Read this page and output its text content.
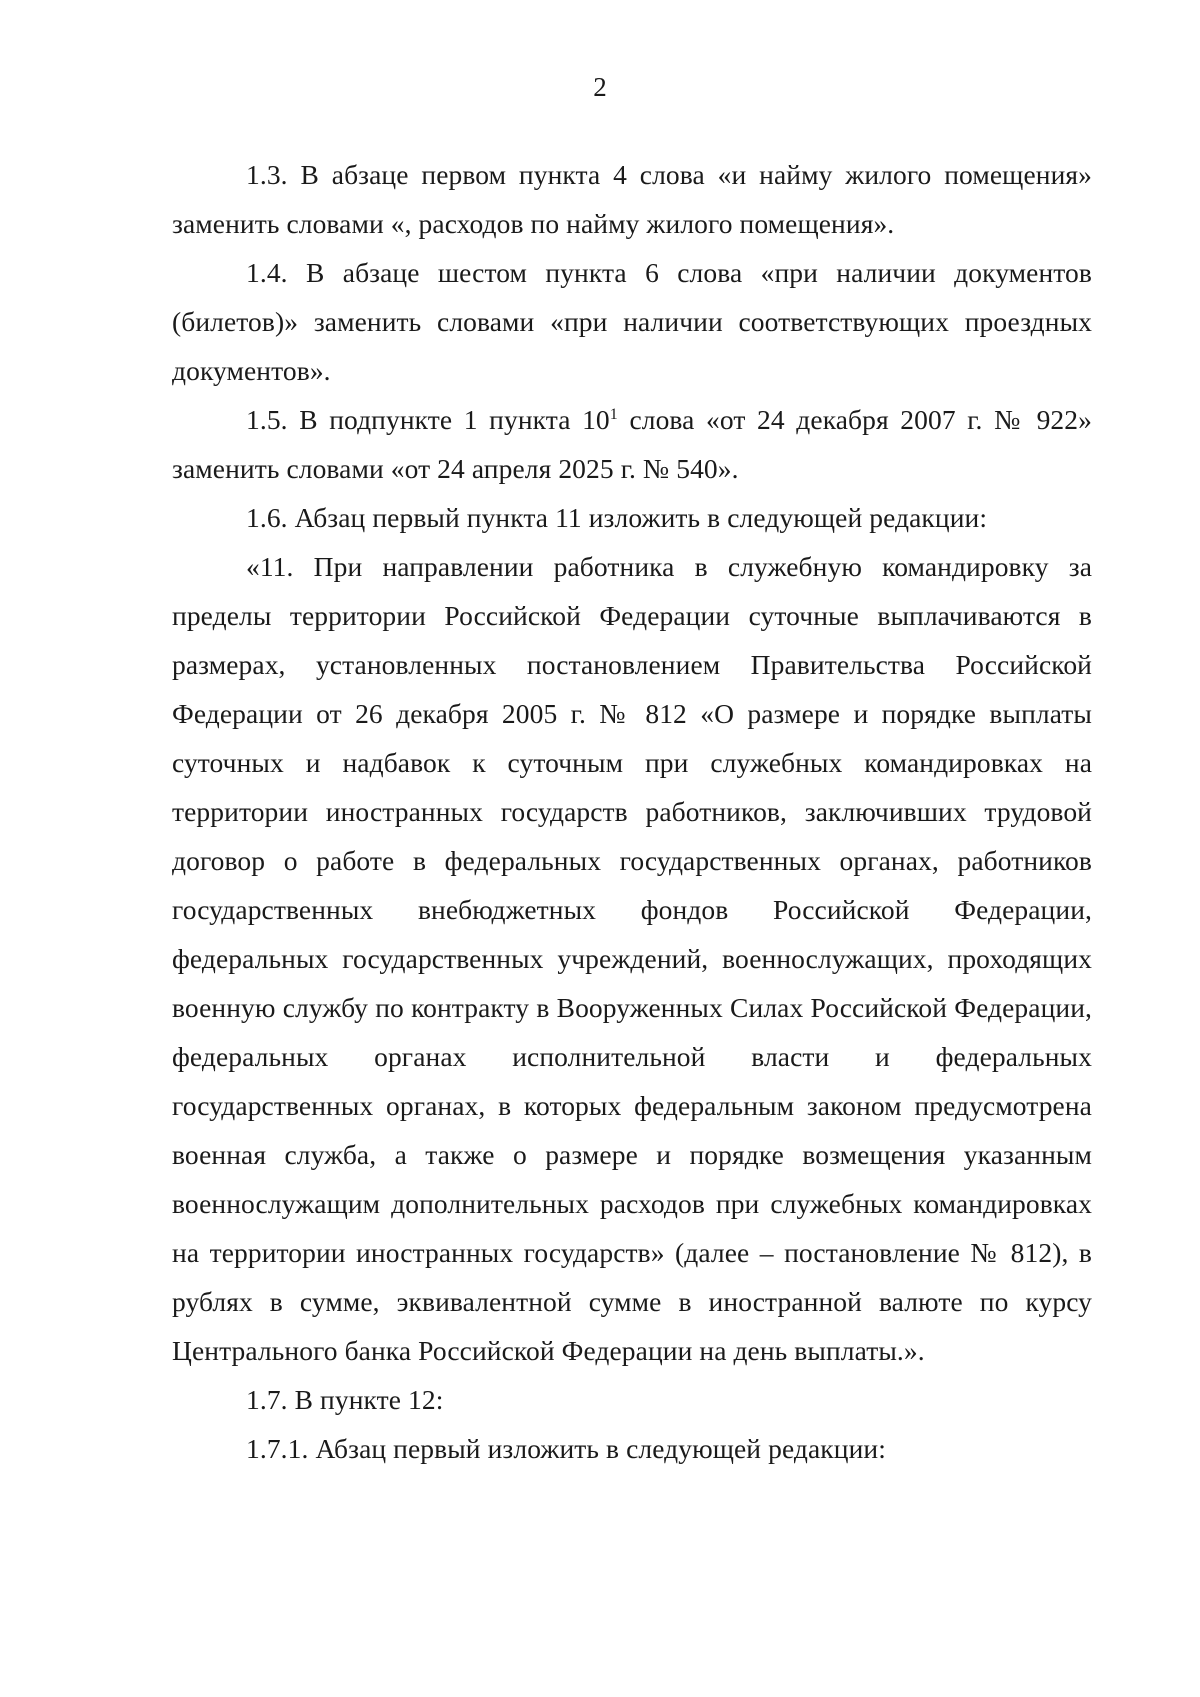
2

1.3. В абзаце первом пункта 4 слова «и найму жилого помещения» заменить словами «, расходов по найму жилого помещения».

1.4. В абзаце шестом пункта 6 слова «при наличии документов (билетов)» заменить словами «при наличии соответствующих проездных документов».

1.5. В подпункте 1 пункта $10^1$ слова «от 24 декабря 2007 г. № 922» заменить словами «от 24 апреля 2025 г. № 540».

1.6. Абзац первый пункта 11 изложить в следующей редакции:

«11. При направлении работника в служебную командировку за пределы территории Российской Федерации суточные выплачиваются в размерах, установленных постановлением Правительства Российской Федерации от 26 декабря 2005 г. № 812 «О размере и порядке выплаты суточных и надбавок к суточным при служебных командировках на территории иностранных государств работников, заключивших трудовой договор о работе в федеральных государственных органах, работников государственных внебюджетных фондов Российской Федерации, федеральных государственных учреждений, военнослужащих, проходящих военную службу по контракту в Вооруженных Силах Российской Федерации, федеральных органах исполнительной власти и федеральных государственных органах, в которых федеральным законом предусмотрена военная служба, а также о размере и порядке возмещения указанным военнослужащим дополнительных расходов при служебных командировках на территории иностранных государств» (далее – постановление № 812), в рублях в сумме, эквивалентной сумме в иностранной валюте по курсу Центрального банка Российской Федерации на день выплаты.».

1.7. В пункте 12:

1.7.1. Абзац первый изложить в следующей редакции:
